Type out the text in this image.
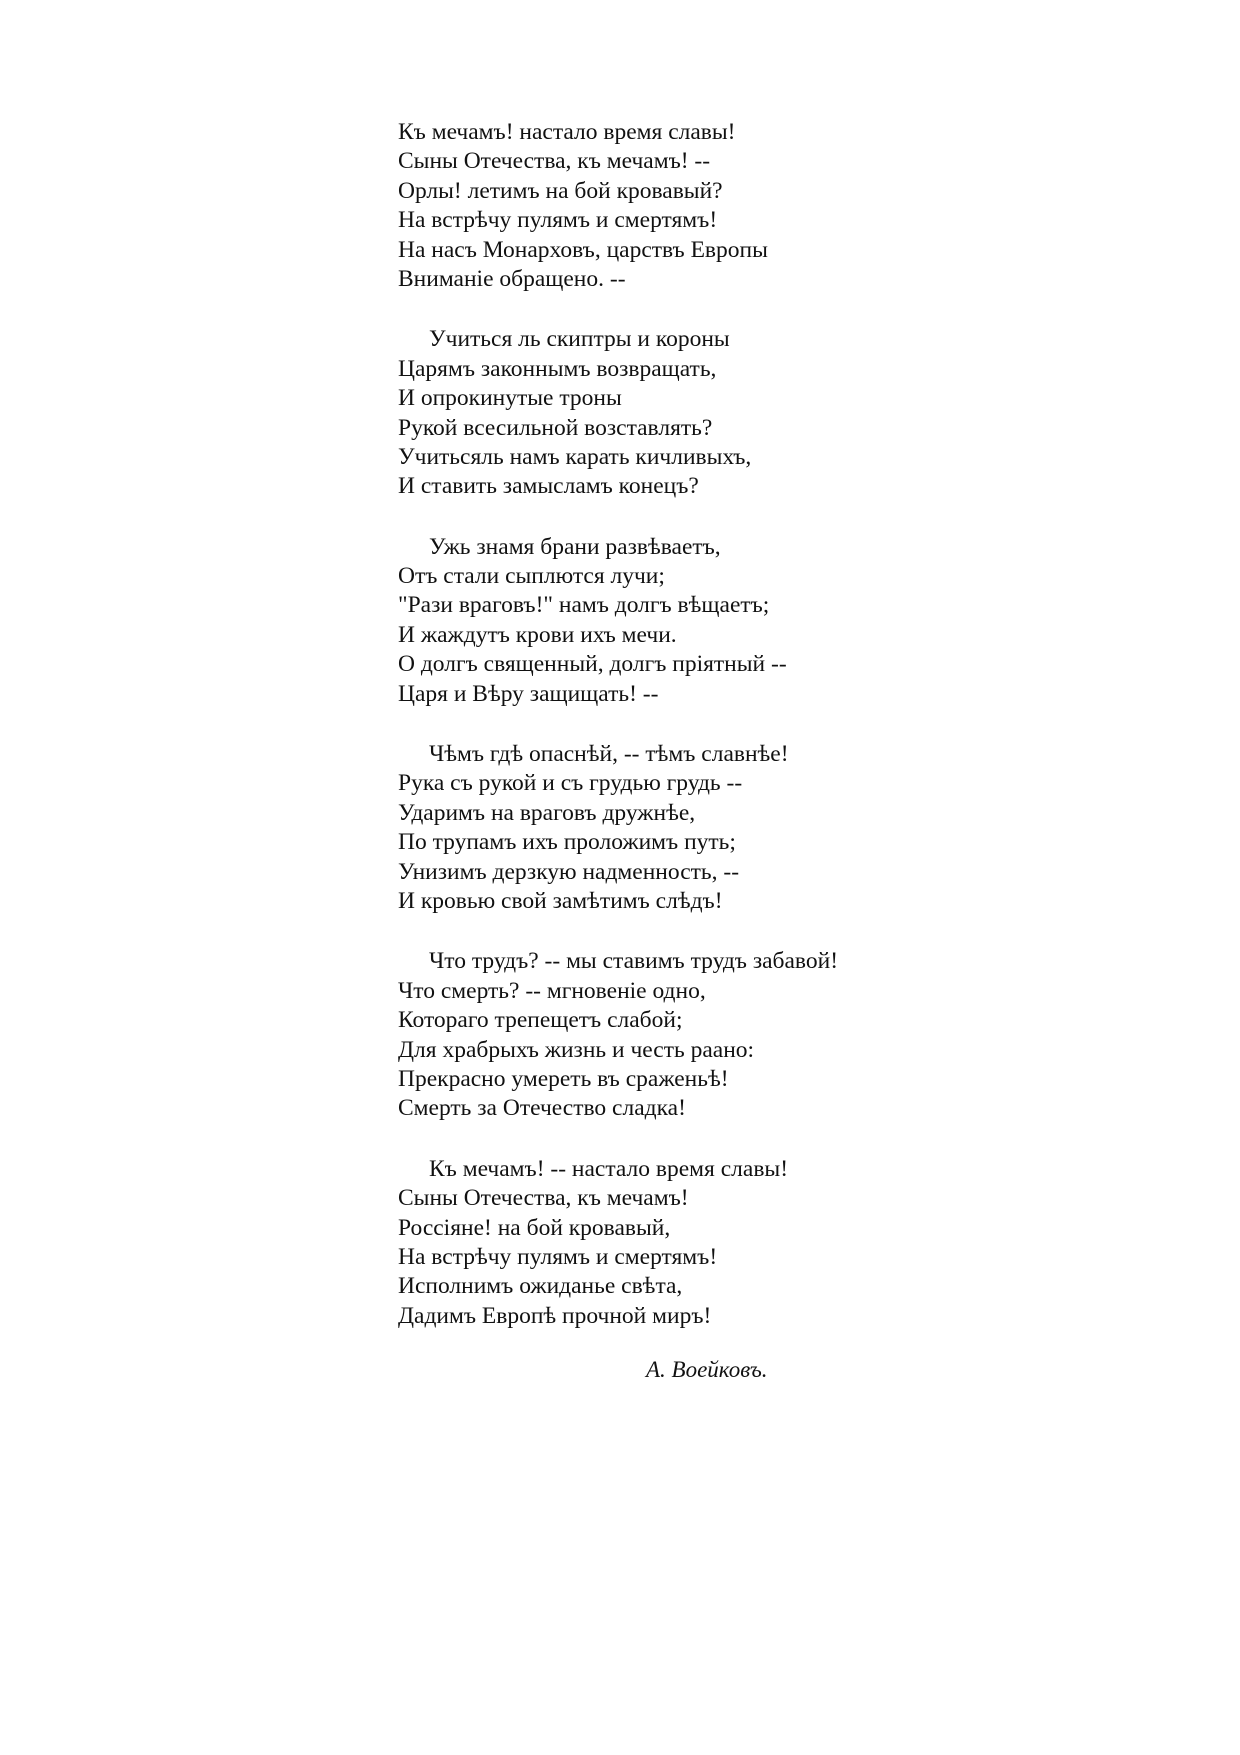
Къ мечамъ! настало время славы!
Сыны Отечества, къ мечамъ! --
Орлы! летимъ на бой кровавый?
На встрѣчу пулямъ и смертямъ!
На насъ Монарховъ, царствъ Европы
Вниманіе обращено. --
Учиться ль скиптры и короны
Царямъ законнымъ возвращать,
И опрокинутые троны
Рукой всесильной возставлять?
Учитьсяль намъ карать кичливыхъ,
И ставить замысламъ конецъ?
Ужь знамя брани развѣваетъ,
Отъ стали сыплются лучи;
"Рази враговъ!" намъ долгъ вѣщаетъ;
И жаждутъ крови ихъ мечи.
О долгъ священный, долгъ пріятный --
Царя и Вѣру защищать! --
Чѣмъ гдѣ опаснѣй, -- тѣмъ славнѣе!
Рука съ рукой и съ грудью грудь --
Ударимъ на враговъ дружнѣе,
По трупамъ ихъ проложимъ путь;
Унизимъ дерзкую надменность, --
И кровью свой замѣтимъ слѣдъ!
Что трудъ? -- мы ставимъ трудъ забавой!
Что смерть? -- мгновеніе одно,
Котораго трепещетъ слабой;
Для храбрыхъ жизнь и честь раано:
Прекрасно умереть въ сраженьѣ!
Смерть за Отечество сладка!
Къ мечамъ! -- настало время славы!
Сыны Отечества, къ мечамъ!
Россіяне! на бой кровавый,
На встрѣчу пулямъ и смертямъ!
Исполнимъ ожиданье свѣта,
Дадимъ Европѣ прочной миръ!
А. Воейковъ.
